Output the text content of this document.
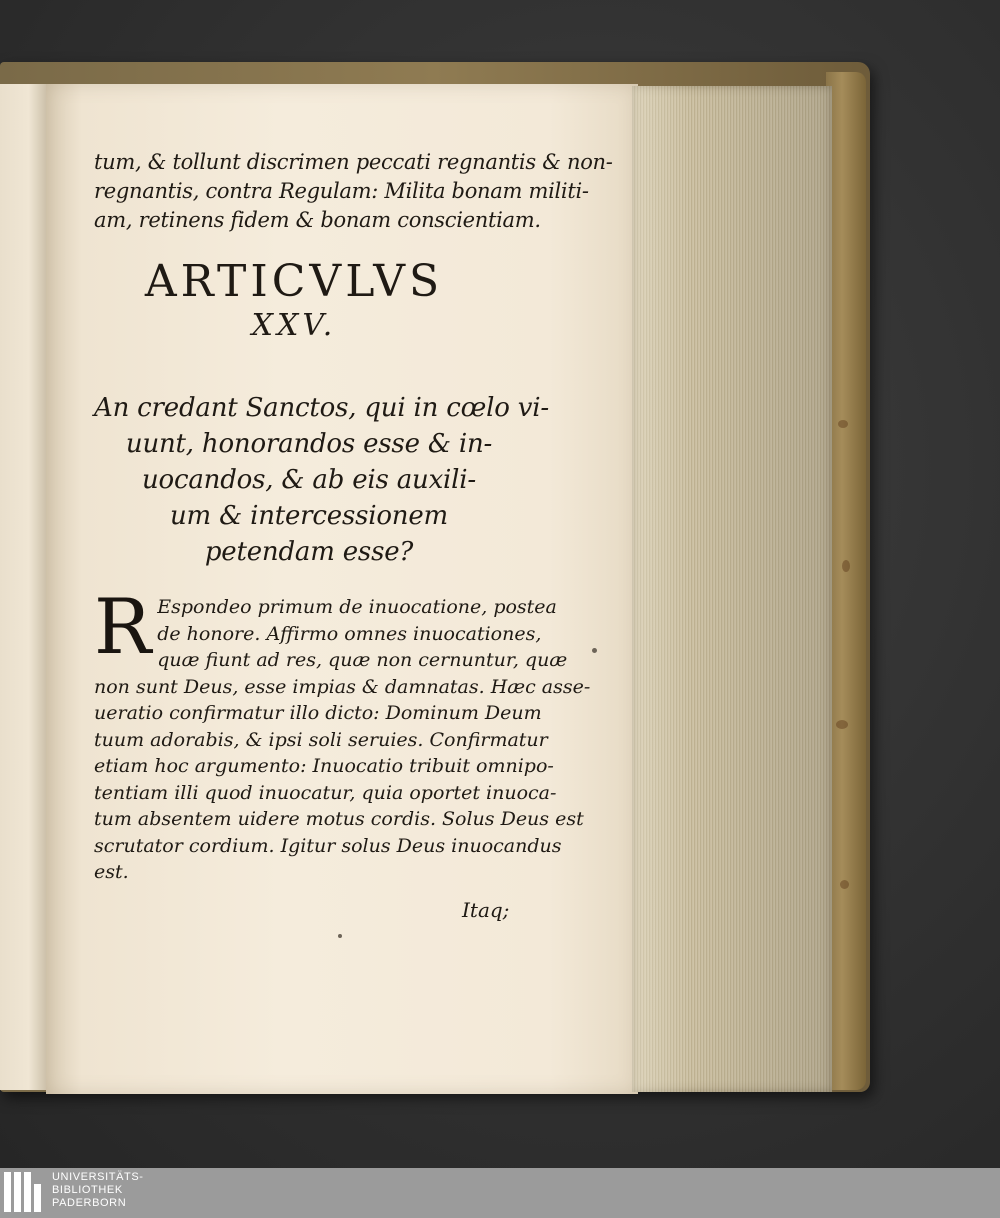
tum, & tollunt discrimen peccati regnantis & non-
regnantis, contra Regulam: Milita bonam militi-
am, retinens fidem & bonam conscientiam.
ARTICVLVS
XXV.
An credant Sanctos, qui in cœlo vi-
uunt, honorandos esse & in-
uocandos, & ab eis auxili-
um & intercessionem
petendam esse?
R Espondeo primum de inuocatione, postea
de honore. Affirmo omnes inuocationes,
quæ fiunt ad res, quæ non cernuntur, quæ
non sunt Deus, esse impias & damnatas. Hæc asse-
ueratio confirmatur illo dicto: Dominum Deum
tuum adorabis, & ipsi soli seruies. Confirmatur
etiam hoc argumento: Inuocatio tribuit omnipo-
tentiam illi quod inuocatur, quia oportet inuoca-
tum absentem uidere motus cordis. Solus Deus est
scrutator cordium. Igitur solus Deus inuocandus
est.
Itaq;
UNIVERSITÄTS-
BIBLIOTHEK
PADERBORN
